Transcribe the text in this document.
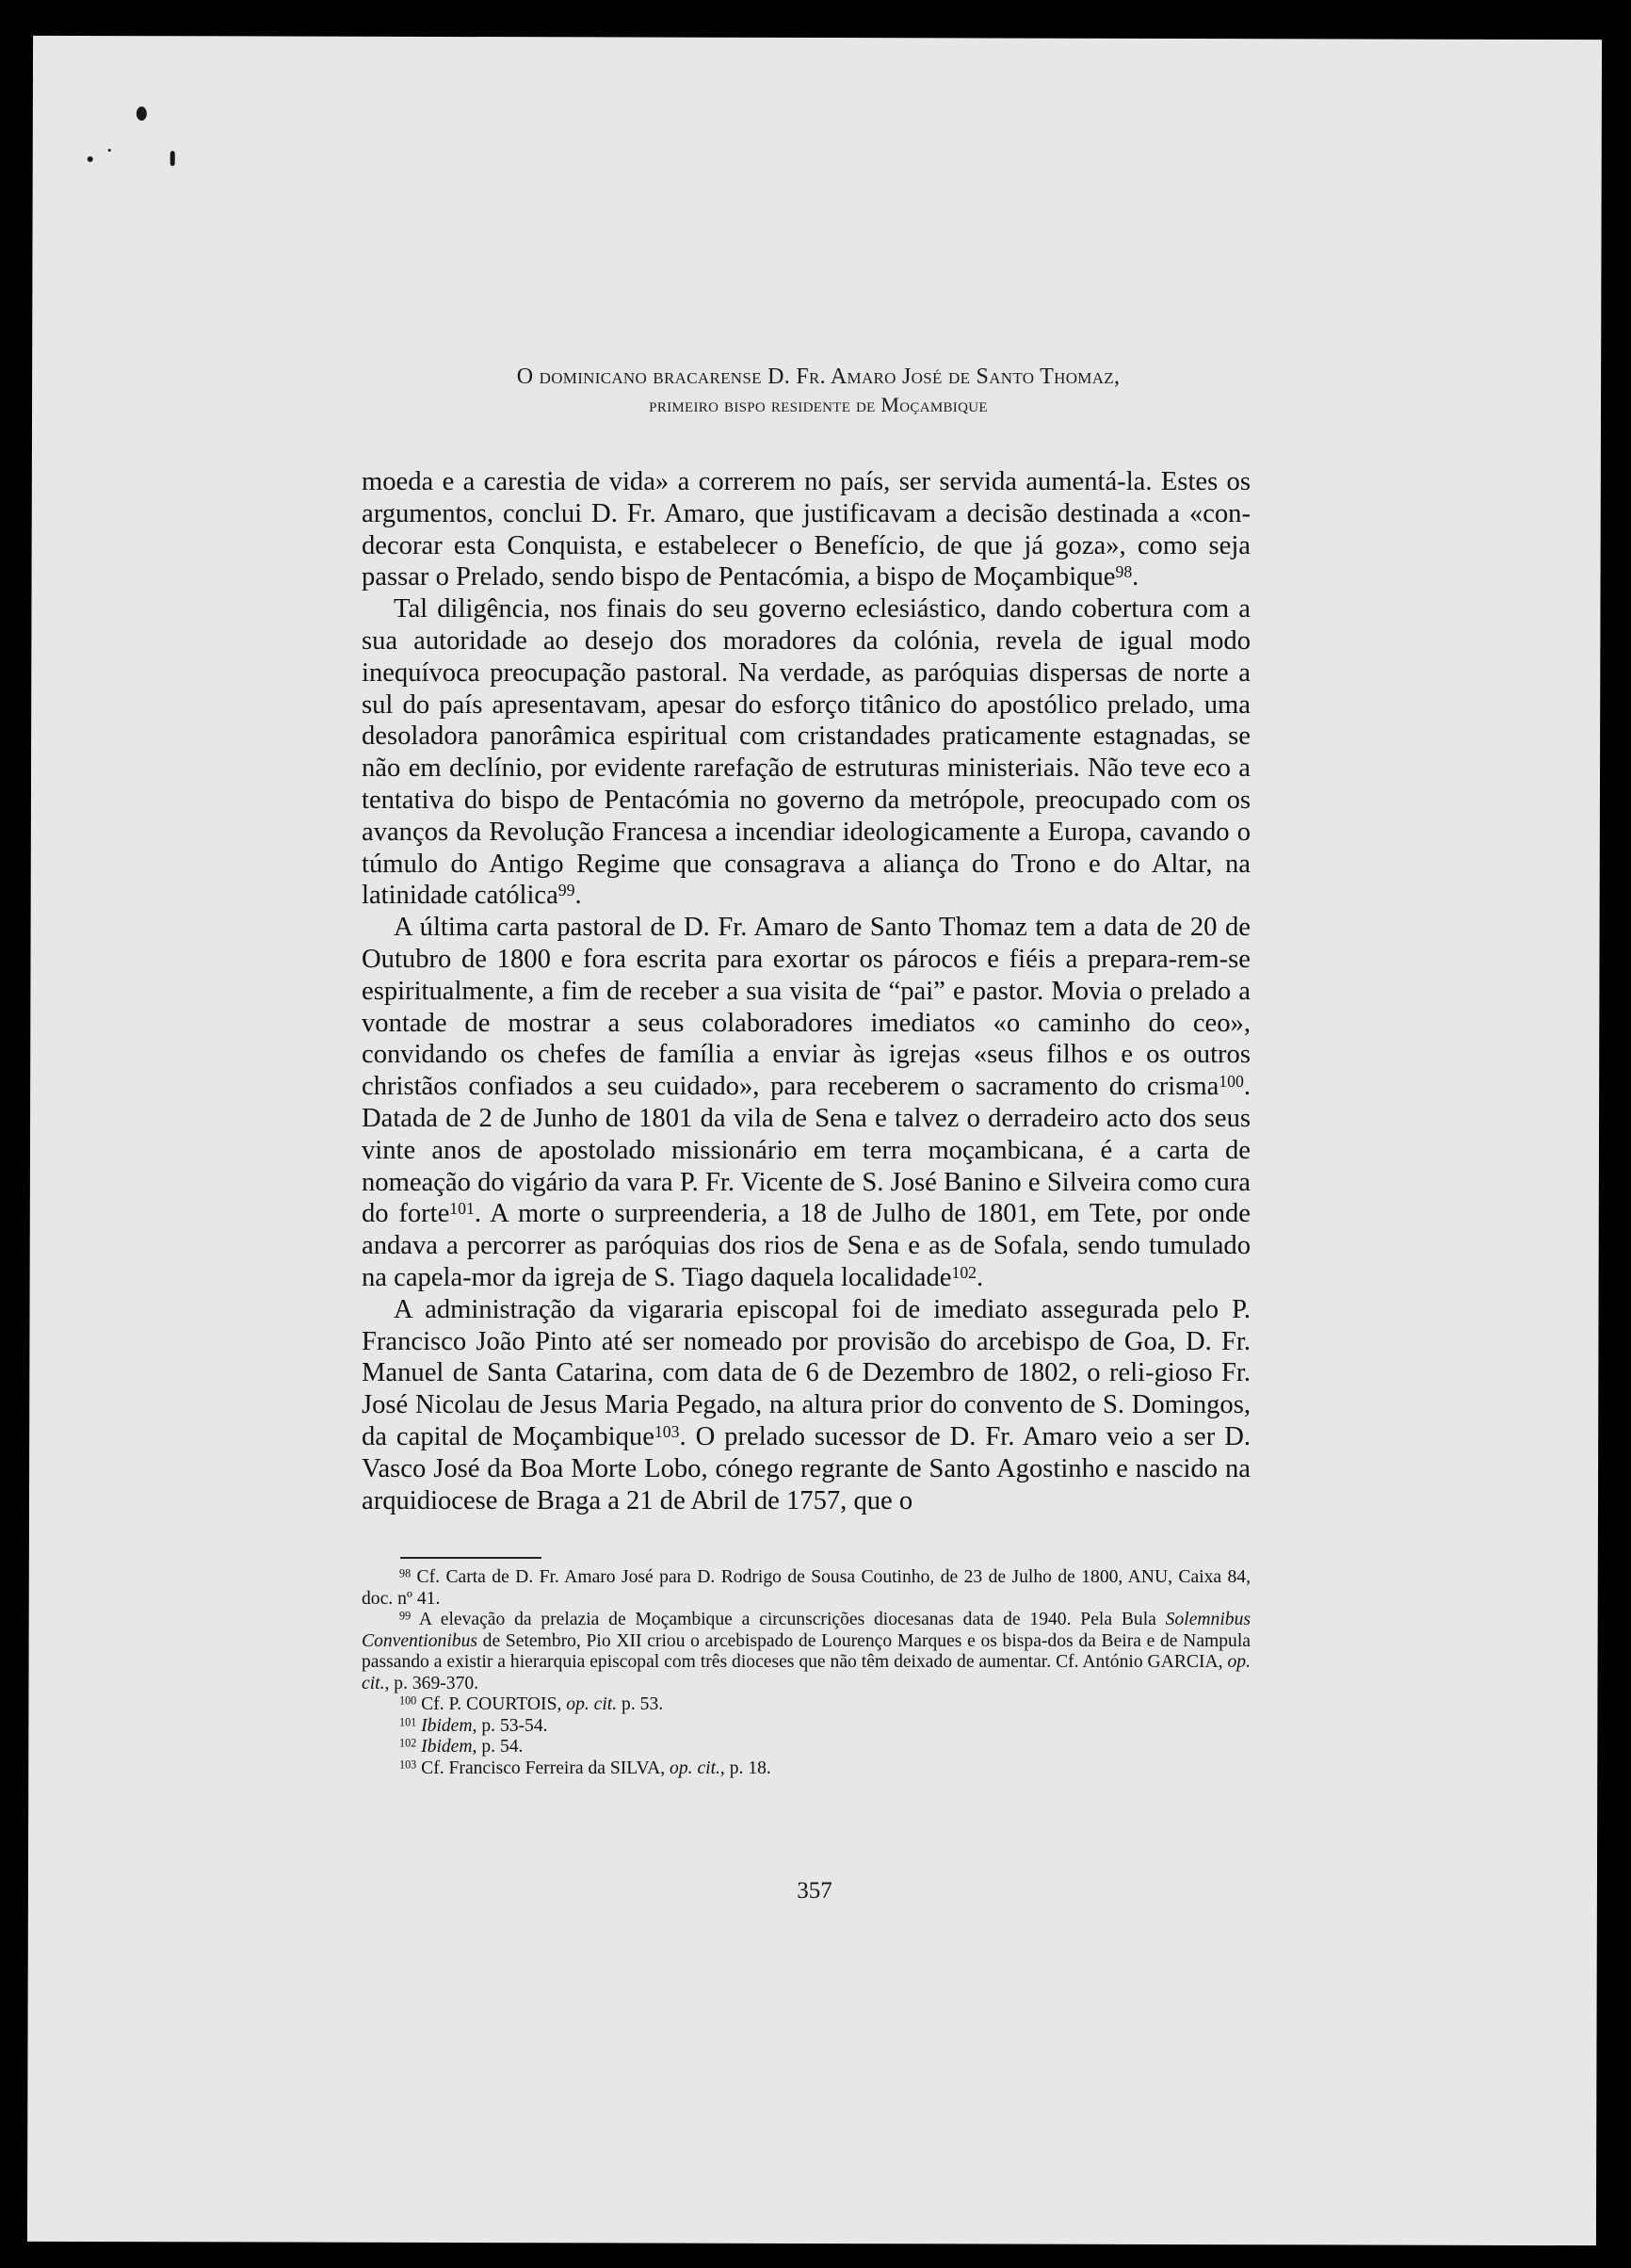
O dominicano bracarense D. Fr. Amaro José de Santo Thomaz,
primeiro bispo residente de Moçambique

moeda e a carestia de vida» a correrem no país, ser servida aumentá-la. Estes os argumentos, conclui D. Fr. Amaro, que justificavam a decisão destinada a «con-decorar esta Conquista, e estabelecer o Benefício, de que já goza», como seja passar o Prelado, sendo bispo de Pentacómia, a bispo de Moçambique$^{98}$.

Tal diligência, nos finais do seu governo eclesiástico, dando cobertura com a sua autoridade ao desejo dos moradores da colónia, revela de igual modo inequívoca preocupação pastoral. Na verdade, as paróquias dispersas de norte a sul do país apresentavam, apesar do esforço titânico do apostólico prelado, uma desoladora panorâmica espiritual com cristandades praticamente estagnadas, se não em declínio, por evidente rarefação de estruturas ministeriais. Não teve eco a tentativa do bispo de Pentacómia no governo da metrópole, preocupado com os avanços da Revolução Francesa a incendiar ideologicamente a Europa, cavando o túmulo do Antigo Regime que consagrava a aliança do Trono e do Altar, na latinidade católica$^{99}$.

A última carta pastoral de D. Fr. Amaro de Santo Thomaz tem a data de 20 de Outubro de 1800 e fora escrita para exortar os párocos e fiéis a prepara-rem-se espiritualmente, a fim de receber a sua visita de “pai” e pastor. Movia o prelado a vontade de mostrar a seus colaboradores imediatos «o caminho do ceo», convidando os chefes de família a enviar às igrejas «seus filhos e os outros christãos confiados a seu cuidado», para receberem o sacramento do crisma$^{100}$. Datada de 2 de Junho de 1801 da vila de Sena e talvez o derradeiro acto dos seus vinte anos de apostolado missionário em terra moçambicana, é a carta de nomeação do vigário da vara P. Fr. Vicente de S. José Banino e Silveira como cura do forte$^{101}$. A morte o surpreenderia, a 18 de Julho de 1801, em Tete, por onde andava a percorrer as paróquias dos rios de Sena e as de Sofala, sendo tumulado na capela-mor da igreja de S. Tiago daquela localidade$^{102}$.

A administração da vigararia episcopal foi de imediato assegurada pelo P. Francisco João Pinto até ser nomeado por provisão do arcebispo de Goa, D. Fr. Manuel de Santa Catarina, com data de 6 de Dezembro de 1802, o reli-gioso Fr. José Nicolau de Jesus Maria Pegado, na altura prior do convento de S. Domingos, da capital de Moçambique$^{103}$. O prelado sucessor de D. Fr. Amaro veio a ser D. Vasco José da Boa Morte Lobo, cónego regrante de Santo Agostinho e nascido na arquidiocese de Braga a 21 de Abril de 1757, que o

$^{98}$ Cf. Carta de D. Fr. Amaro José para D. Rodrigo de Sousa Coutinho, de 23 de Julho de 1800, ANU, Caixa 84, doc. nº 41.

$^{99}$ A elevação da prelazia de Moçambique a circunscrições diocesanas data de 1940. Pela Bula Solemnibus Conventionibus de Setembro, Pio XII criou o arcebispado de Lourenço Marques e os bispa-dos da Beira e de Nampula passando a existir a hierarquia episcopal com três dioceses que não têm deixado de aumentar. Cf. António GARCIA, op. cit., p. 369-370.

$^{100}$ Cf. P. COURTOIS, op. cit. p. 53.

$^{101}$ Ibidem, p. 53-54.

$^{102}$ Ibidem, p. 54.

$^{103}$ Cf. Francisco Ferreira da SILVA, op. cit., p. 18.

357
